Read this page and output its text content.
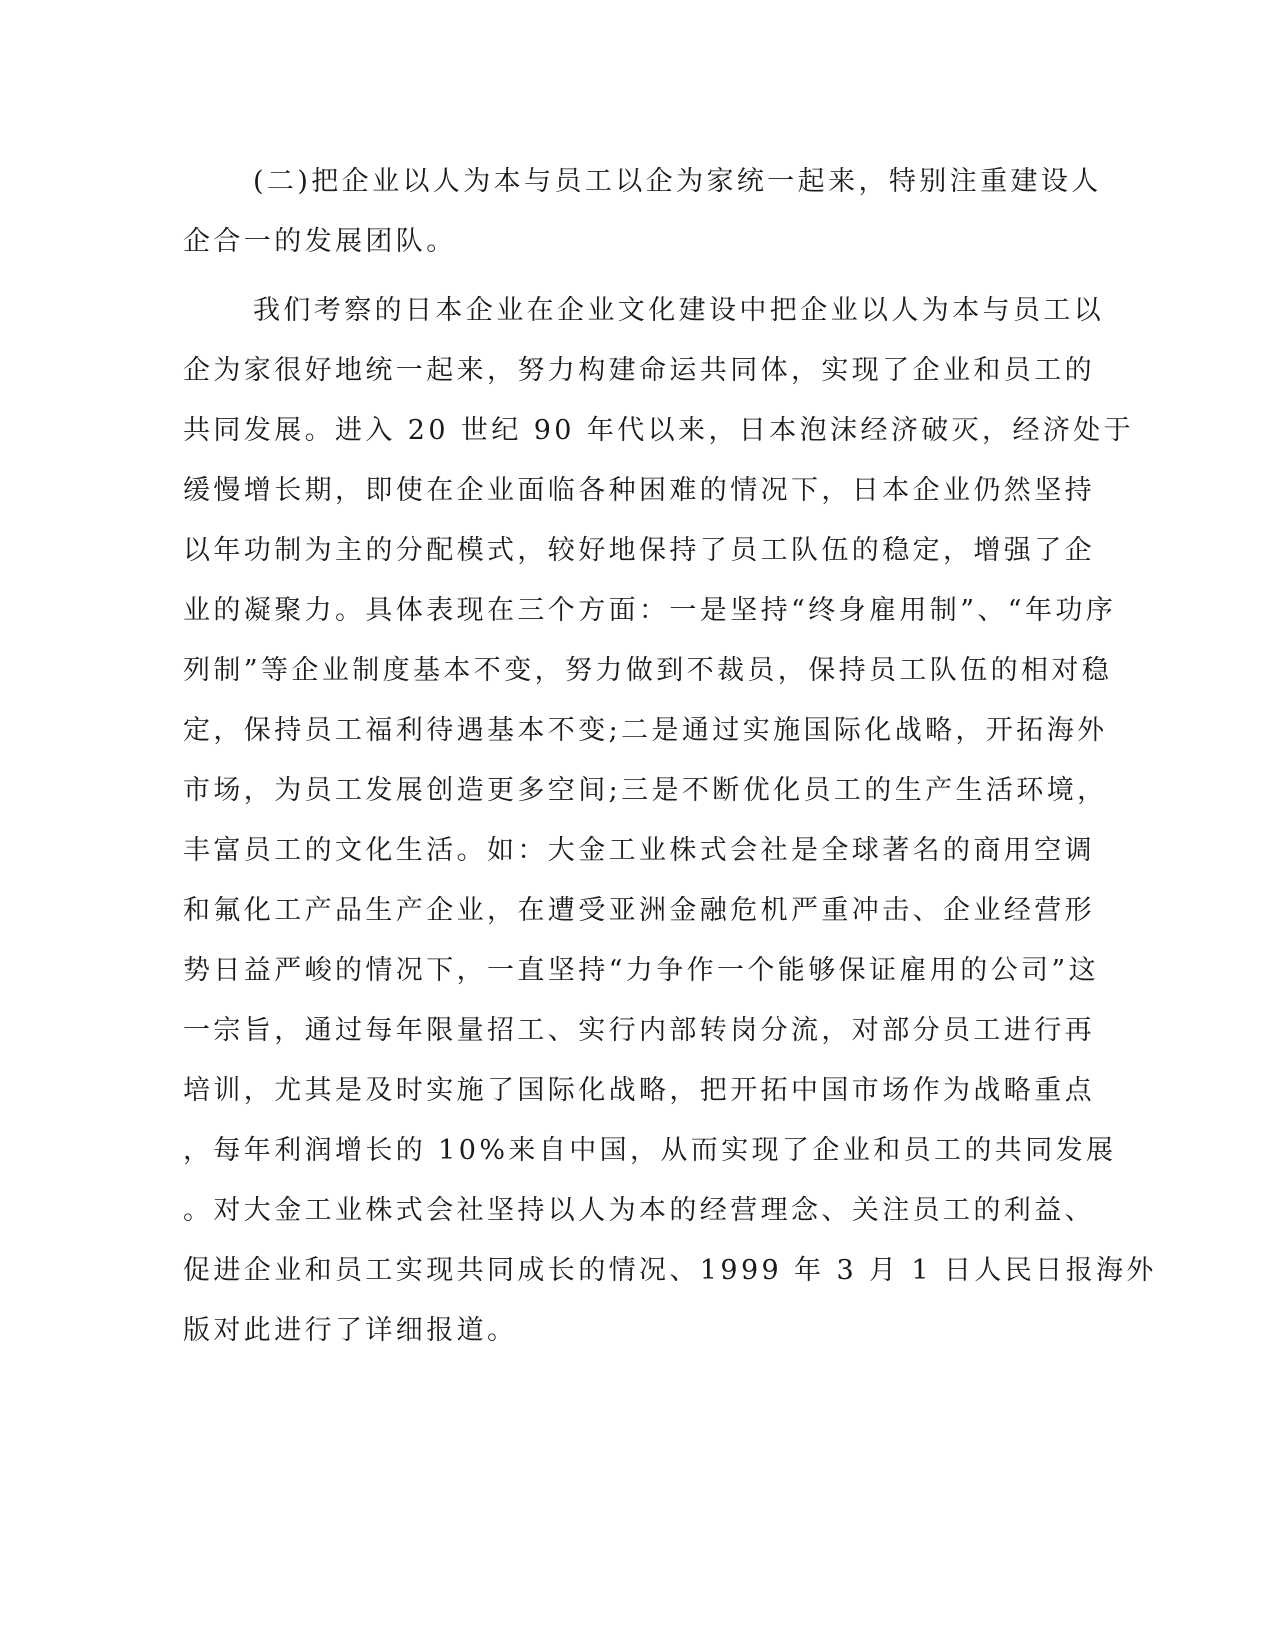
(二)把企业以人为本与员工以企为家统一起来，特别注重建设人
企合一的发展团队。
我们考察的日本企业在企业文化建设中把企业以人为本与员工以
企为家很好地统一起来，努力构建命运共同体，实现了企业和员工的
共同发展。进入 20 世纪 90 年代以来，日本泡沫经济破灭，经济处于
缓慢增长期，即使在企业面临各种困难的情况下，日本企业仍然坚持
以年功制为主的分配模式，较好地保持了员工队伍的稳定，增强了企
业的凝聚力。具体表现在三个方面：一是坚持“终身雇用制”、“年功序
列制”等企业制度基本不变，努力做到不裁员，保持员工队伍的相对稳
定，保持员工福利待遇基本不变;二是通过实施国际化战略，开拓海外
市场，为员工发展创造更多空间;三是不断优化员工的生产生活环境，
丰富员工的文化生活。如：大金工业株式会社是全球著名的商用空调
和氟化工产品生产企业，在遭受亚洲金融危机严重冲击、企业经营形
势日益严峻的情况下，一直坚持“力争作一个能够保证雇用的公司”这
一宗旨，通过每年限量招工、实行内部转岗分流，对部分员工进行再
培训，尤其是及时实施了国际化战略，把开拓中国市场作为战略重点
，每年利润增长的 10%来自中国，从而实现了企业和员工的共同发展
。对大金工业株式会社坚持以人为本的经营理念、关注员工的利益、
促进企业和员工实现共同成长的情况、1999 年 3 月 1 日人民日报海外
版对此进行了详细报道。
